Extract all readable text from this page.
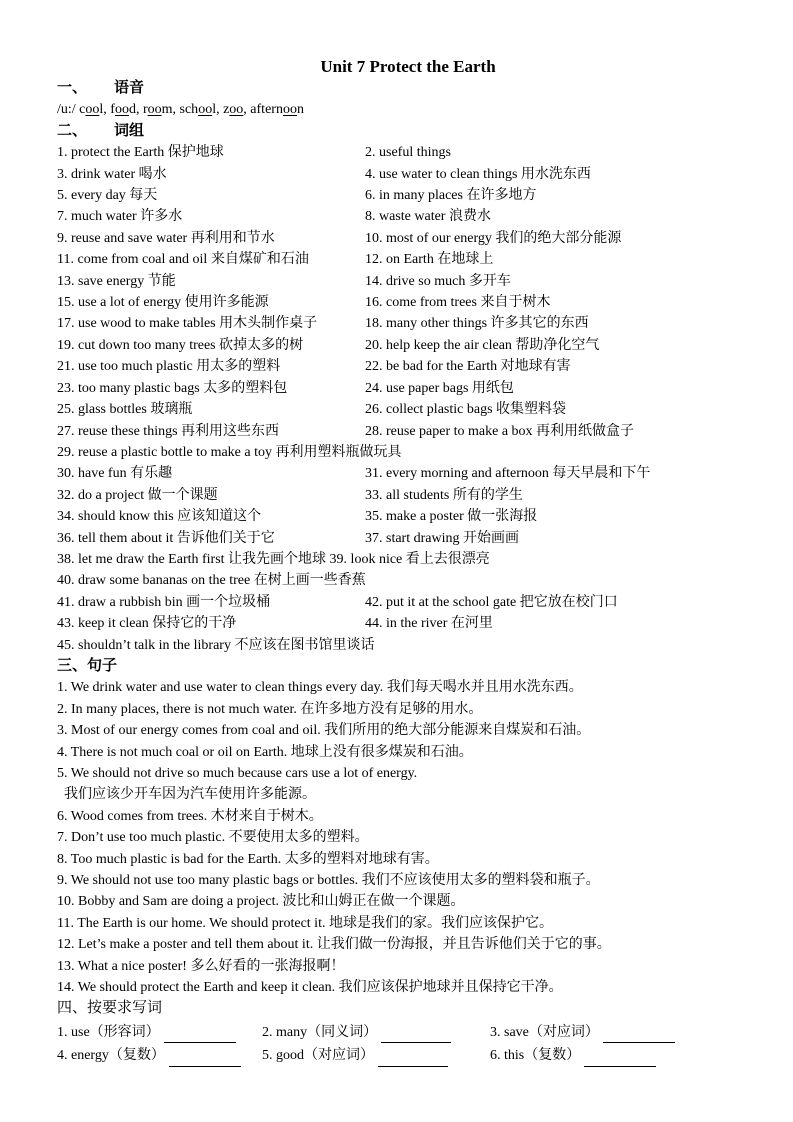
Unit 7 Protect the Earth
一、 语音
/u:/ cool, food, room, school, zoo, afternoon
二、 词组
1. protect the Earth 保护地球	2. useful things
3. drink water 喝水	4. use water to clean things 用水洗东西
5. every day 每天	6. in many places 在许多地方
7. much water 许多水	8. waste water 浪费水
9. reuse and save water 再利用和节水	10. most of our energy 我们的绝大部分能源
11. come from coal and oil 来自煤矿和石油	12. on Earth 在地球上
13. save energy 节能	14. drive so much 多开车
15. use a lot of energy 使用许多能源	16. come from trees 来自于树木
17. use wood to make tables 用木头制作桌子	18. many other things 许多其它的东西
19. cut down too many trees 砍掉太多的树	20. help keep the air clean 帮助净化空气
21. use too much plastic 用太多的塑料	22. be bad for the Earth 对地球有害
23. too many plastic bags 太多的塑料包	24. use paper bags 用纸包
25. glass bottles 玻璃瓶	26. collect plastic bags 收集塑料袋
27. reuse these things 再利用这些东西	28. reuse paper to make a box 再利用纸做盒子
29. reuse a plastic bottle to make a toy 再利用塑料瓶做玩具
30. have fun 有乐趣	31. every morning and afternoon 每天早晨和下午
32. do a project 做一个课题	33. all students 所有的学生
34. should know this 应该知道这个	35. make a poster 做一张海报
36. tell them about it 告诉他们关于它	37. start drawing 开始画画
38. let me draw the Earth first 让我先画个地球 39. look nice 看上去很漂亮
40. draw some bananas on the tree 在树上画一些香蕉
41. draw a rubbish bin 画一个垃圾桶	42. put it at the school gate 把它放在校门口
43. keep it clean 保持它的干净	44. in the river 在河里
45. shouldn’t talk in the library 不应该在图书馆里谈话
三、句子
1. We drink water and use water to clean things every day. 我们每天喝水并且用水洗东西。
2. In many places, there is not much water. 在许多地方没有足够的用水。
3. Most of our energy comes from coal and oil. 我们所用的绝大部分能源来自煤炭和石油。
4. There is not much coal or oil on Earth. 地球上没有很多煤炭和石油。
5. We should not drive so much because cars use a lot of energy.
我们应该少开车因为汽车使用许多能源。
6. Wood comes from trees. 木材来自于树木。
7. Don’t use too much plastic. 不要使用太多的塑料。
8. Too much plastic is bad for the Earth. 太多的塑料对地球有害。
9. We should not use too many plastic bags or bottles. 我们不应该使用太多的塑料袋和瓶子。
10. Bobby and Sam are doing a project. 波比和山姆正在做一个课题。
11. The Earth is our home. We should protect it. 地球是我们的家。我们应该保护它。
12. Let’s make a poster and tell them about it. 让我们做一份海报，并且告诉他们关于它的事。
13. What a nice poster! 多么好看的一张海报啊！
14. We should protect the Earth and keep it clean. 我们应该保护地球并且保持它干净。
四、按要求写词
1. use（形容词）	2. many（同义词）	3. save（对应词）
4. energy（复数）	5. good（对应词）	6. this（复数）
